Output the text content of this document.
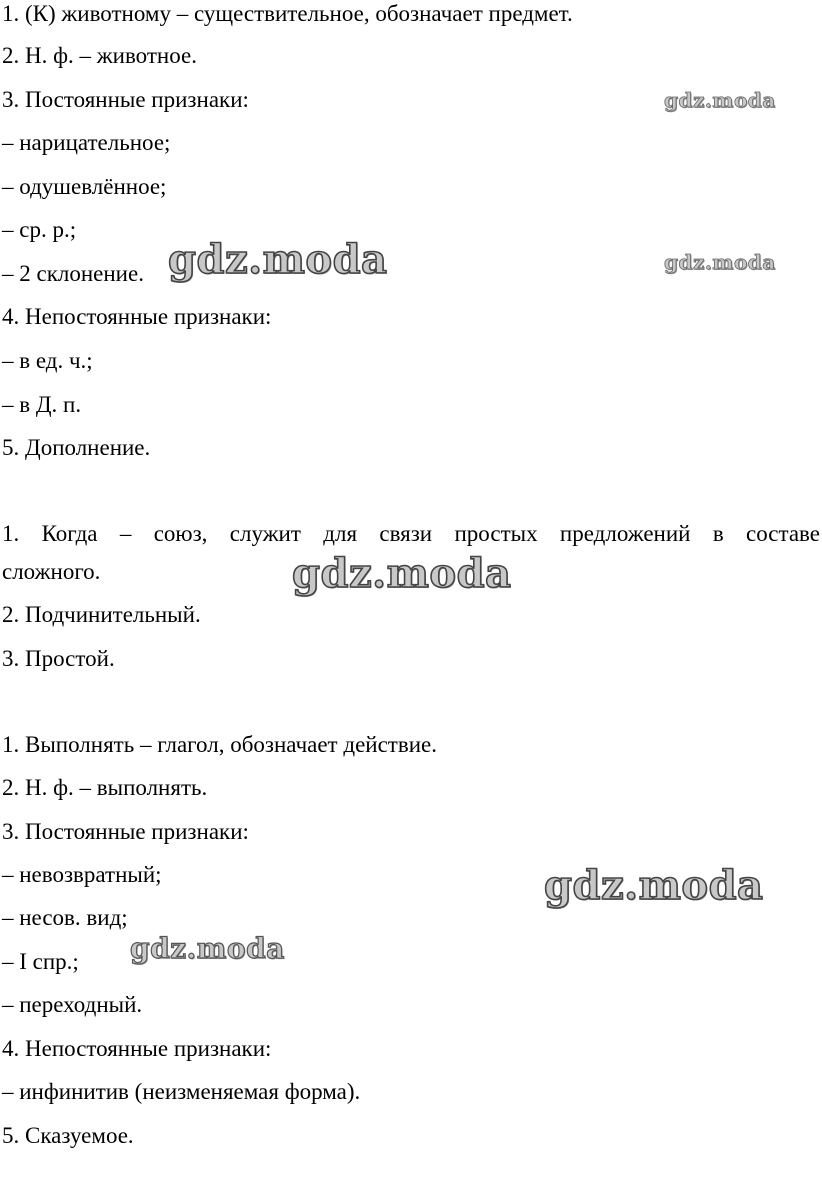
1. (К) животному – существительное, обозначает предмет.
2. Н. ф. – животное.
3. Постоянные признаки:
– нарицательное;
– одушевлённое;
– ср. р.;
– 2 склонение.
4. Непостоянные признаки:
– в ед. ч.;
– в Д. п.
5. Дополнение.
1. Когда – союз, служит для связи простых предложений в составе
сложного.
2. Подчинительный.
3. Простой.
1. Выполнять – глагол, обозначает действие.
2. Н. ф. – выполнять.
3. Постоянные признаки:
– невозвратный;
– несов. вид;
– I спр.;
– переходный.
4. Непостоянные признаки:
– инфинитив (неизменяемая форма).
5. Сказуемое.
gdz.moda
gdz.moda
gdz.moda
gdz.moda
gdz.moda
gdz.moda
